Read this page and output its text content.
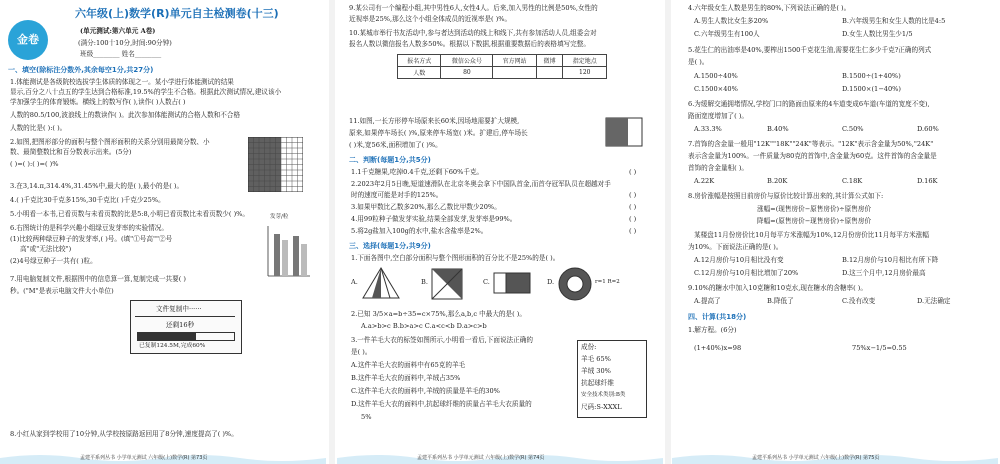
金卷
六年级(上)数学(R)单元自主检测卷(十三)
(单元测试:第六单元 A卷)
(满分:100十10分,时间:90分钟)
班级________ 姓名________
一、填空(除标注分数外,其余每空1分,共27分)
1.体能测试是各级院校选拔学生体质的体现之一。某小学进行体能测试的结果
显示,百分之八十点五的学生达到合格标准,19.5%的学生不合格。根据此次测试情况,建议该小
学加强学生的体育锻炼。横线上的数写作( ),读作( )人数占( )
人数的80.5/100,波浪线上的数读作( )。此次参加体能测试的合格人数和不合格
人数的比是( ):( )。
2.如图,把图形部分的面积与整个图形面积的关系分别用最简分数、小
数、最简整数比和百分数表示出来。(5分)
( )=( ):( )=( )%
3.在3,14.π,314.4%,31.45%中,最大的是( ),最小的是( )。
4.( )千克比30千克多15%,30千克比( )千克少25%。
5.小明看一本书,已看页数与未看页数的比是5:8,小明已看页数比未看页数少( )%。
6.右图统计的是科学兴趣小组绿豆发芽率的实验情况。
(1)比较两种绿豆种子的发芽率,( )号。(填"①号高""②号
高"或"无法比较")
(2)4号绿豆种子一共有( )粒。
发芽/粒
7.用电脑复制文件,根据图中的信息算一算,复制完成一共要( )
秒。("M"是表示电脑文件大小单位)
文件复制中······
还剩16秒
已复制124.5M,完成60%
8.小红从家到学校用了10分钟,从学校按原路返回用了8分钟,速度提高了( )%。
孟建平系列丛书 小学单元测试 六年级(上)数学(R) 第73页
9.某公司有一个编程小组,其中男性6人,女性4人。后来,加入男性的比例是50%,女性的
近视率是25%,那么这个小组全体成员的近视率是( )%。
10.某城市举行书友活动中,参与者达到活动的线上和线下,共有参加活动人员,组委会对
报名人数以微信报名人数多50%。根据以下数据,根据重要数据后的表格填写完整。
报名方式	微信公众号	官方网站	微博	指定地点
人数	80			120
11.如图,一长方形停车场原来长60米,因场地需要扩大规模,
原来,如果停车场长( )%,原来停车场宽( )米。扩建后,停车场长
( )米,宽56米,面积增加了( )%。
二、判断(每题1分,共5分)
1.1千克糖果,吃掉0.4千克,还剩下60%千克。
2.2023年2月5日晚,短道速滑队在北京冬奥会拿下中国队首金,而首夺冠军队员在超越对手
时的速度可能是对手的125%。
3.如果甲数比乙数多20%,那么乙数比甲数少20%。
4.用99粒种子做发芽实验,结果全部发芽,发芽率是99%。
5.将2g盐加入100g的水中,盐水含盐率是2%。
( )
( )
( )
( )
( )
三、选择(每题1分,共9分)
1.下面各图中,空白部分面积与整个图形面积的百分比不是25%的是( )。
A.	B.	C.	D.	r=1 R=2
2.已知 3/5×a=b÷35=c×75%,那么a,b,c 中最大的是( )。
A.a>b>c B.b>a>c C.a<c<b D.a>c>b
3.一件羊毛大衣的标签如图所示,小明看一看后,下面说法正确的
是( )。
A.这件羊毛大衣的面料中有65克的羊毛
B.这件羊毛大衣的面料中,羊绒占35%
C.这件羊毛大衣的面料中,羊绒的质量是羊毛的30%
D.这件羊毛大衣的面料中,抗起球纤维的质量占羊毛大衣质量的
5%
成份:
羊毛 65%
羊绒 30%
抗起球纤维
安全技术类别:B类
尺码:S-XXXL
孟建平系列丛书 小学单元测试 六年级(上)数学(R) 第74页
4.六年级女生人数是男生的80%,下列说法正确的是( )。
A.男生人数比女生多20%	B.六年级男生和女生人数的比是4:5
C.六年级男生有100人	D.女生人数比男生少1/5
5.花生仁的出油率是40%,要榨出1500千克花生油,需要花生仁多少千克?正确的列式
是( )。
A.1500÷40%	B.1500÷(1+40%)
C.1500×40%	D.1500×(1−40%)
6.为缓解交通拥堵情况,学校门口的路面由原来的4车道变成6车道(车道的宽度不变),
路面宽度增加了( )。
A.33.3%	B.40%	C.50%	D.60%
7.首饰的含金量一般用"12K""18K""24K"等表示。"12K"表示含金量为50%,"24K"
表示含金量为100%。一件质量为80克的首饰中,含金量为60克。这件首饰的含金量是
首饰的含金量相( )。
A.22K	B.20K	C.18K	D.16K
8.房价涨幅是按照目前房价与原价比较计算出来的,其计算公式如下:
涨幅=(现售房价−原售房价)÷原售房价
降幅=(原售房价−现售房价)÷原售房价
某楼盘11月份房价比10月每平方米涨幅为10%,12月份房价比11月每平方米涨幅
为10%。下面说法正确的是( )。
A.12月房价与10月相比没有变	B.12月房价与10月相比有所下降
C.12月房价与10月相比增加了20%	D.这三个月中,12月房价最高
9.10%的糖水中加入10克糖和10克水,现在糖水的含糖率( )。
A.提高了	B.降低了	C.没有改变	D.无法确定
四、计算(共18分)
1.解方程。(6分)
(1+40%)x=98	75%x−1/5=0.55
孟建平系列丛书 小学单元测试 六年级(上)数学(R) 第75页
